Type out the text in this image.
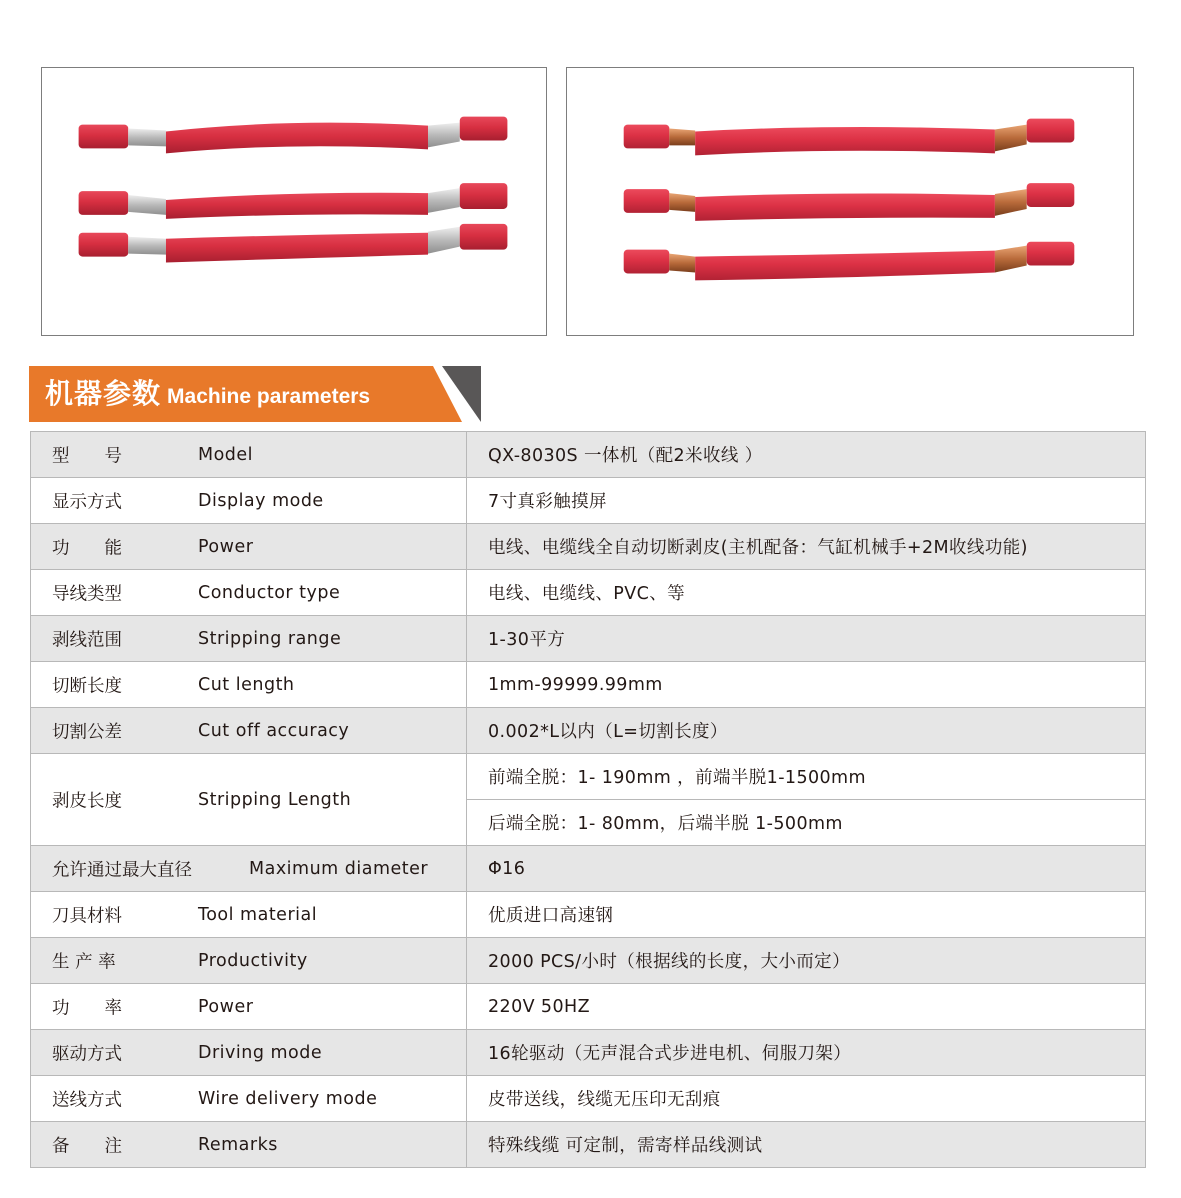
机器参数 Machine parameters
型　　号 Model	QX-8030S 一体机（配2米收线 ）

显示方式 Display mode	7寸真彩触摸屏

功　　能 Power	电线、电缆线全自动切断剥皮(主机配备：气缸机械手+2M收线功能)

导线类型 Conductor type	电线、电缆线、PVC、等

剥线范围 Stripping range	1-30平方

切断长度 Cut length	1mm-99999.99mm

切割公差 Cut off accuracy	0.002*L以内（L=切割长度）

剥皮长度 Stripping Length	前端全脱：1- 190mm ，前端半脱1-1500mm
	后端全脱：1- 80mm，后端半脱 1-500mm

允许通过最大直径 Maximum diameter	Φ16

刀具材料 Tool material	优质进口高速钢

生 产 率 Productivity	2000 PCS/小时（根据线的长度，大小而定）

功　　率 Power	220V 50HZ

驱动方式 Driving mode	16轮驱动（无声混合式步进电机、伺服刀架）

送线方式 Wire delivery mode	皮带送线，线缆无压印无刮痕

备　　注 Remarks	特殊线缆 可定制，需寄样品线测试
